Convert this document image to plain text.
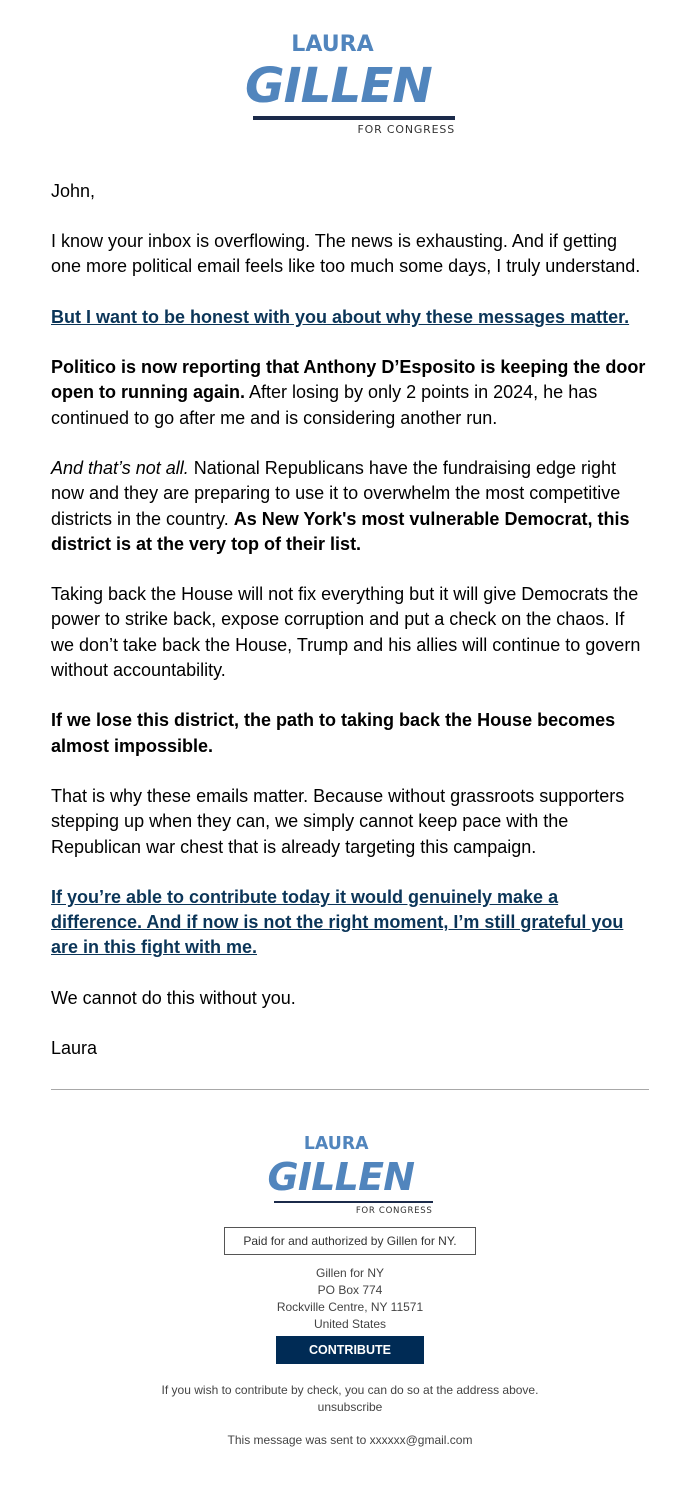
LAURA
GILLEN
FOR CONGRESS

John,

I know your inbox is overflowing. The news is exhausting. And if getting one more political email feels like too much some days, I truly understand.

But I want to be honest with you about why these messages matter.

Politico is now reporting that Anthony D’Esposito is keeping the door open to running again. After losing by only 2 points in 2024, he has continued to go after me and is considering another run.

And that’s not all. National Republicans have the fundraising edge right now and they are preparing to use it to overwhelm the most competitive districts in the country. As New York's most vulnerable Democrat, this district is at the very top of their list.

Taking back the House will not fix everything but it will give Democrats the power to strike back, expose corruption and put a check on the chaos. If we don’t take back the House, Trump and his allies will continue to govern without accountability.

If we lose this district, the path to taking back the House becomes almost impossible.

That is why these emails matter. Because without grassroots supporters stepping up when they can, we simply cannot keep pace with the Republican war chest that is already targeting this campaign.

If you’re able to contribute today it would genuinely make a difference. And if now is not the right moment, I’m still grateful you are in this fight with me.

We cannot do this without you.

Laura

LAURA
GILLEN
FOR CONGRESS
Paid for and authorized by Gillen for NY.
Gillen for NY
PO Box 774
Rockville Centre, NY 11571
United States
CONTRIBUTE
If you wish to contribute by check, you can do so at the address above.
unsubscribe
This message was sent to xxxxxx@gmail.com
